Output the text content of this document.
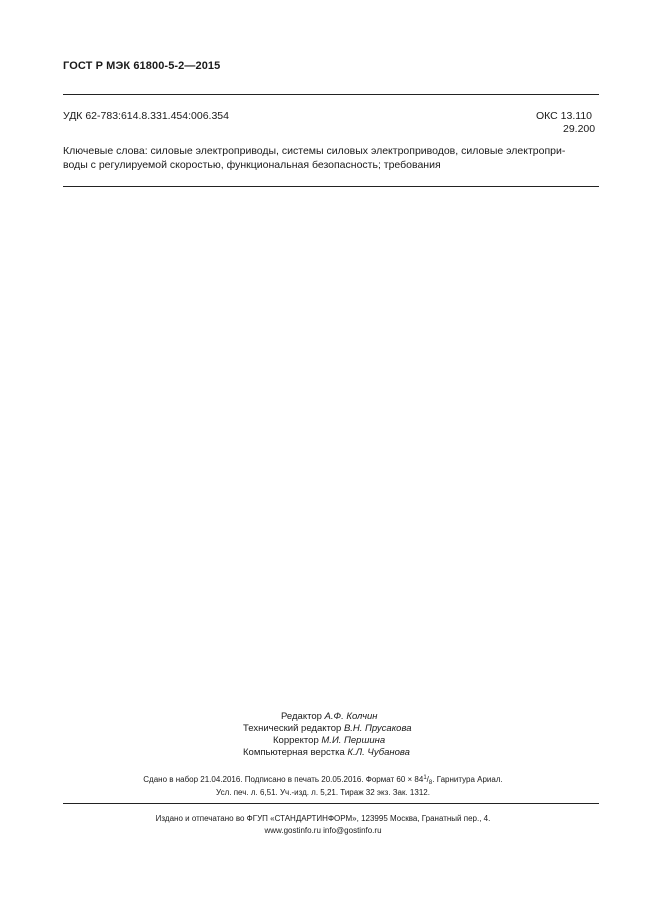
ГОСТ Р МЭК 61800-5-2—2015
УДК 62-783:614.8.331.454:006.354	ОКС 13.110
29.200
Ключевые слова: силовые электроприводы, системы силовых электроприводов, силовые электропри-
воды с регулируемой скоростью, функциональная безопасность; требования
Редактор А.Ф. Колчин
Технический редактор В.Н. Прусакова
Корректор М.И. Першина
Компьютерная верстка К.Л. Чубанова
Сдано в набор 21.04.2016. Подписано в печать 20.05.2016. Формат $60 \times 84^1/_8$. Гарнитура Ариал.
Усл. печ. л. 6,51. Уч.-изд. л. 5,21. Тираж 32 экз. Зак. 1312.
Издано и отпечатано во ФГУП «СТАНДАРТИНФОРМ», 123995 Москва, Гранатный пер., 4.
www.gostinfo.ru info@gostinfo.ru
